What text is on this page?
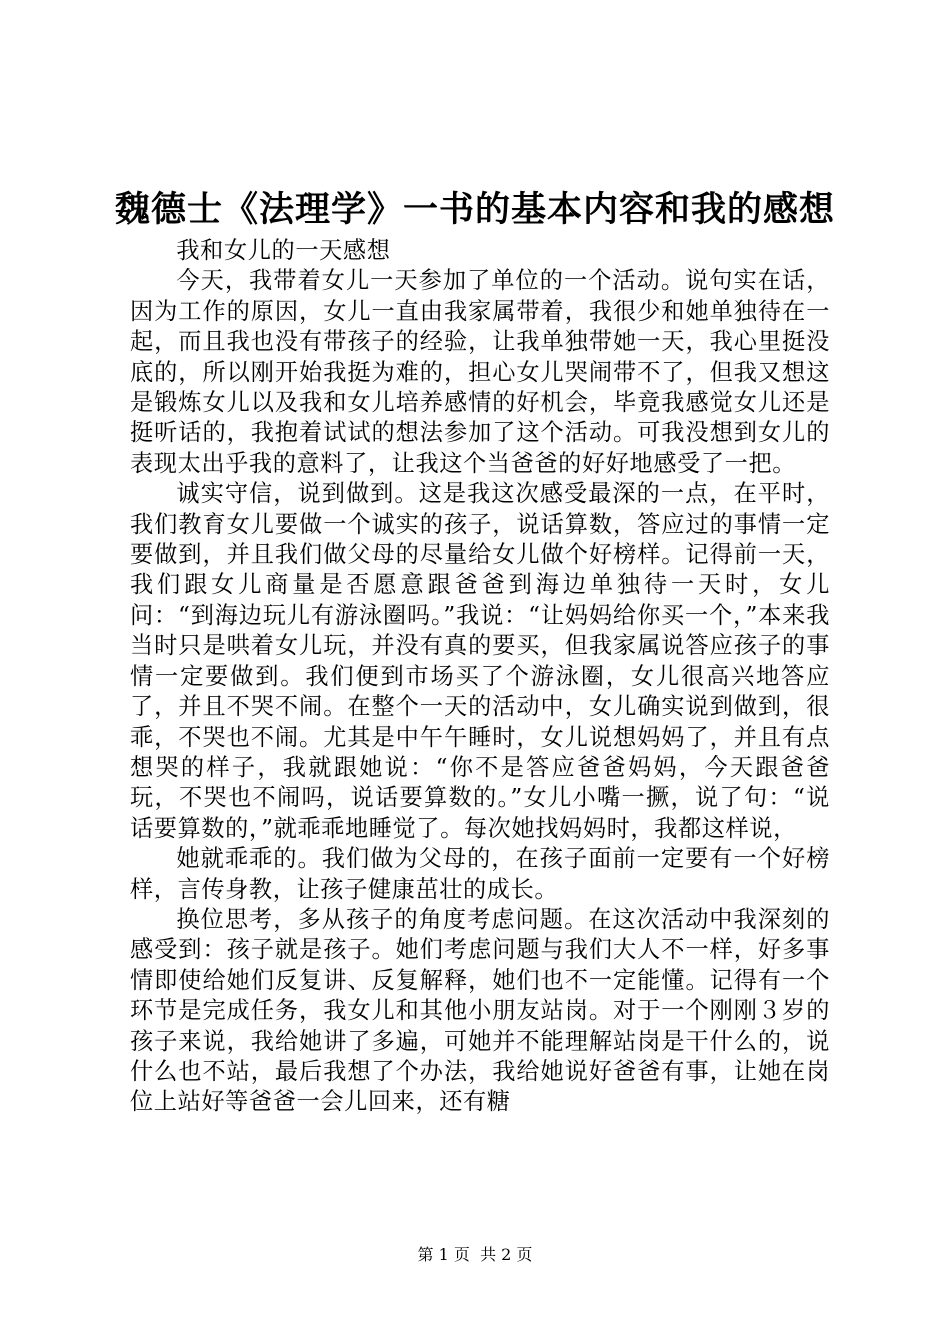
魏德士《法理学》一书的基本内容和我的感想

我和女儿的一天感想

今天，我带着女儿一天参加了单位的一个活动。说句实在话，因为工作的原因，女儿一直由我家属带着，我很少和她单独待在一起，而且我也没有带孩子的经验，让我单独带她一天，我心里挺没底的，所以刚开始我挺为难的，担心女儿哭闹带不了，但我又想这是锻炼女儿以及我和女儿培养感情的好机会，毕竟我感觉女儿还是挺听话的，我抱着试试的想法参加了这个活动。可我没想到女儿的表现太出乎我的意料了，让我这个当爸爸的好好地感受了一把。

诚实守信，说到做到。这是我这次感受最深的一点，在平时，我们教育女儿要做一个诚实的孩子，说话算数，答应过的事情一定要做到，并且我们做父母的尽量给女儿做个好榜样。记得前一天，我们跟女儿商量是否愿意跟爸爸到海边单独待一天时，女儿问：“到海边玩儿有游泳圈吗。”我说：“让妈妈给你买一个，”本来我当时只是哄着女儿玩，并没有真的要买，但我家属说答应孩子的事情一定要做到。我们便到市场买了个游泳圈，女儿很高兴地答应了，并且不哭不闹。在整个一天的活动中，女儿确实说到做到，很乖，不哭也不闹。尤其是中午午睡时，女儿说想妈妈了，并且有点想哭的样子，我就跟她说：“你不是答应爸爸妈妈，今天跟爸爸玩，不哭也不闹吗，说话要算数的。”女儿小嘴一撅，说了句：“说话要算数的，”就乖乖地睡觉了。每次她找妈妈时，我都这样说，

她就乖乖的。我们做为父母的，在孩子面前一定要有一个好榜样，言传身教，让孩子健康茁壮的成长。

换位思考，多从孩子的角度考虑问题。在这次活动中我深刻的感受到：孩子就是孩子。她们考虑问题与我们大人不一样，好多事情即使给她们反复讲、反复解释，她们也不一定能懂。记得有一个环节是完成任务，我女儿和其他小朋友站岗。对于一个刚刚３岁的孩子来说，我给她讲了多遍，可她并不能理解站岗是干什么的，说什么也不站，最后我想了个办法，我给她说好爸爸有事，让她在岗位上站好等爸爸一会儿回来，还有糖

第 1 页  共 2 页
